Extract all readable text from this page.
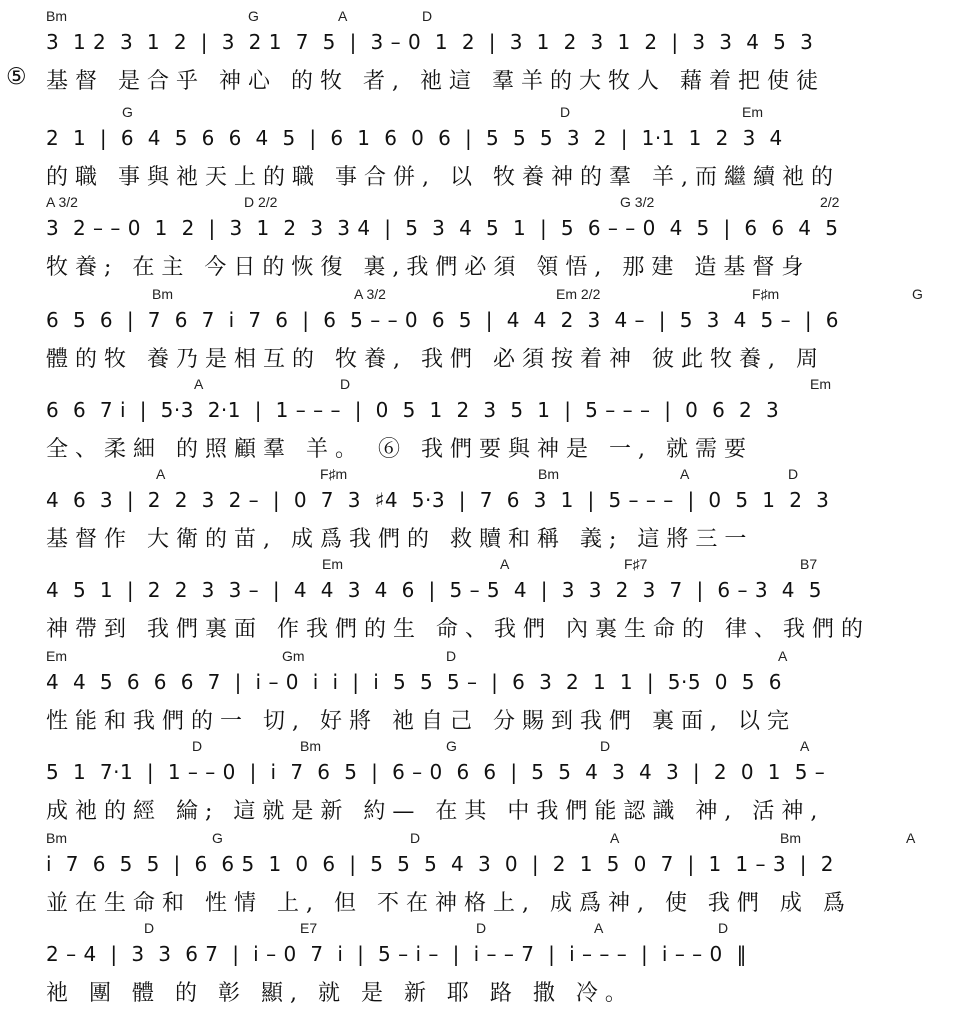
Bm	G	A	D
⑤
3  1 2  3  1  2  |  3  2 1  7  5  |  3 – 0  1  2  |  3  1  2  3  1  2  |  3  3  4  5  3
基督 是合乎 神心 的牧 者, 祂這 羣羊的大牧人 藉着把使徒
G	D	Em
2  1  |  6  4  5  6  6  4  5  |  6  1  6  0  6  |  5  5  5  3  2  |  1·1  1  2  3  4
的職 事與祂天上的職 事合併, 以 牧養神的羣 羊,而繼續祂的
A 3/2	D 2/2	G 3/2	2/2
3  2 – – 0  1  2  |  3  1  2  3  3 4  |  5  3  4  5  1  |  5  6 – – 0  4  5  |  6  6  4  5
牧養; 在主 今日的恢復 裏,我們必須 領悟, 那建 造基督身
Bm	A 3/2	Em 2/2	F♯m	G
6  5  6  |  7  6  7  i  7  6  |  6  5 – – 0  6  5  |  4  4  2  3  4 –  |  5  3  4  5 –  |  6
體的牧 養乃是相互的 牧養, 我們 必須按着神 彼此牧養, 周
A	D	Em
6  6  7 i  |  5·3  2·1  |  1 – – –  |  0  5  1  2  3  5  1  |  5 – – –  |  0  6  2  3
全、柔細 的照顧羣 羊。 ⑥ 我們要與神是 一, 就需要
A	F♯m	Bm	A	D
4  6  3  |  2  2  3  2 –  |  0  7  3  ♯4  5·3  |  7  6  3  1  |  5 – – –  |  0  5  1  2  3
基督作 大衛的苗, 成爲我們的 救贖和稱 義; 這將三一
Em	A	F♯7	B7
4  5  1  |  2  2  3  3 –  |  4  4  3  4  6  |  5 – 5  4  |  3  3  2  3  7  |  6 – 3  4  5
神帶到 我們裏面 作我們的生 命、我們 內裏生命的 律、我們的
Em	Gm	D	A
4  4  5  6  6  6  7  |  i – 0  i  i  |  i  5  5  5 –  |  6  3  2  1  1  |  5·5  0  5  6
性能和我們的一 切, 好將 祂自己 分賜到我們 裏面, 以完
D	Bm	G	D	A
5  1  7·1  |  1 – – 0  |  i  7  6  5  |  6 – 0  6  6  |  5  5  4  3  4  3  |  2  0  1  5 –
成祂的經 綸; 這就是新 約— 在其 中我們能認識 神, 活神,
Bm	G	D	A	Bm	A
i  7  6  5  5  |  6  6 5  1  0  6  |  5  5  5  4  3  0  |  2  1  5  0  7  |  1  1 – 3  |  2
並在生命和 性情 上, 但 不在神格上, 成爲神, 使 我們 成 爲
D	E7	D	A	D
2 – 4  |  3  3  6 7  |  i – 0  7  i  |  5 – i –  |  i – – 7  |  i – – –  |  i – – 0  ‖
祂 團 體 的 彰 顯, 就 是 新 耶 路 撒 冷。
